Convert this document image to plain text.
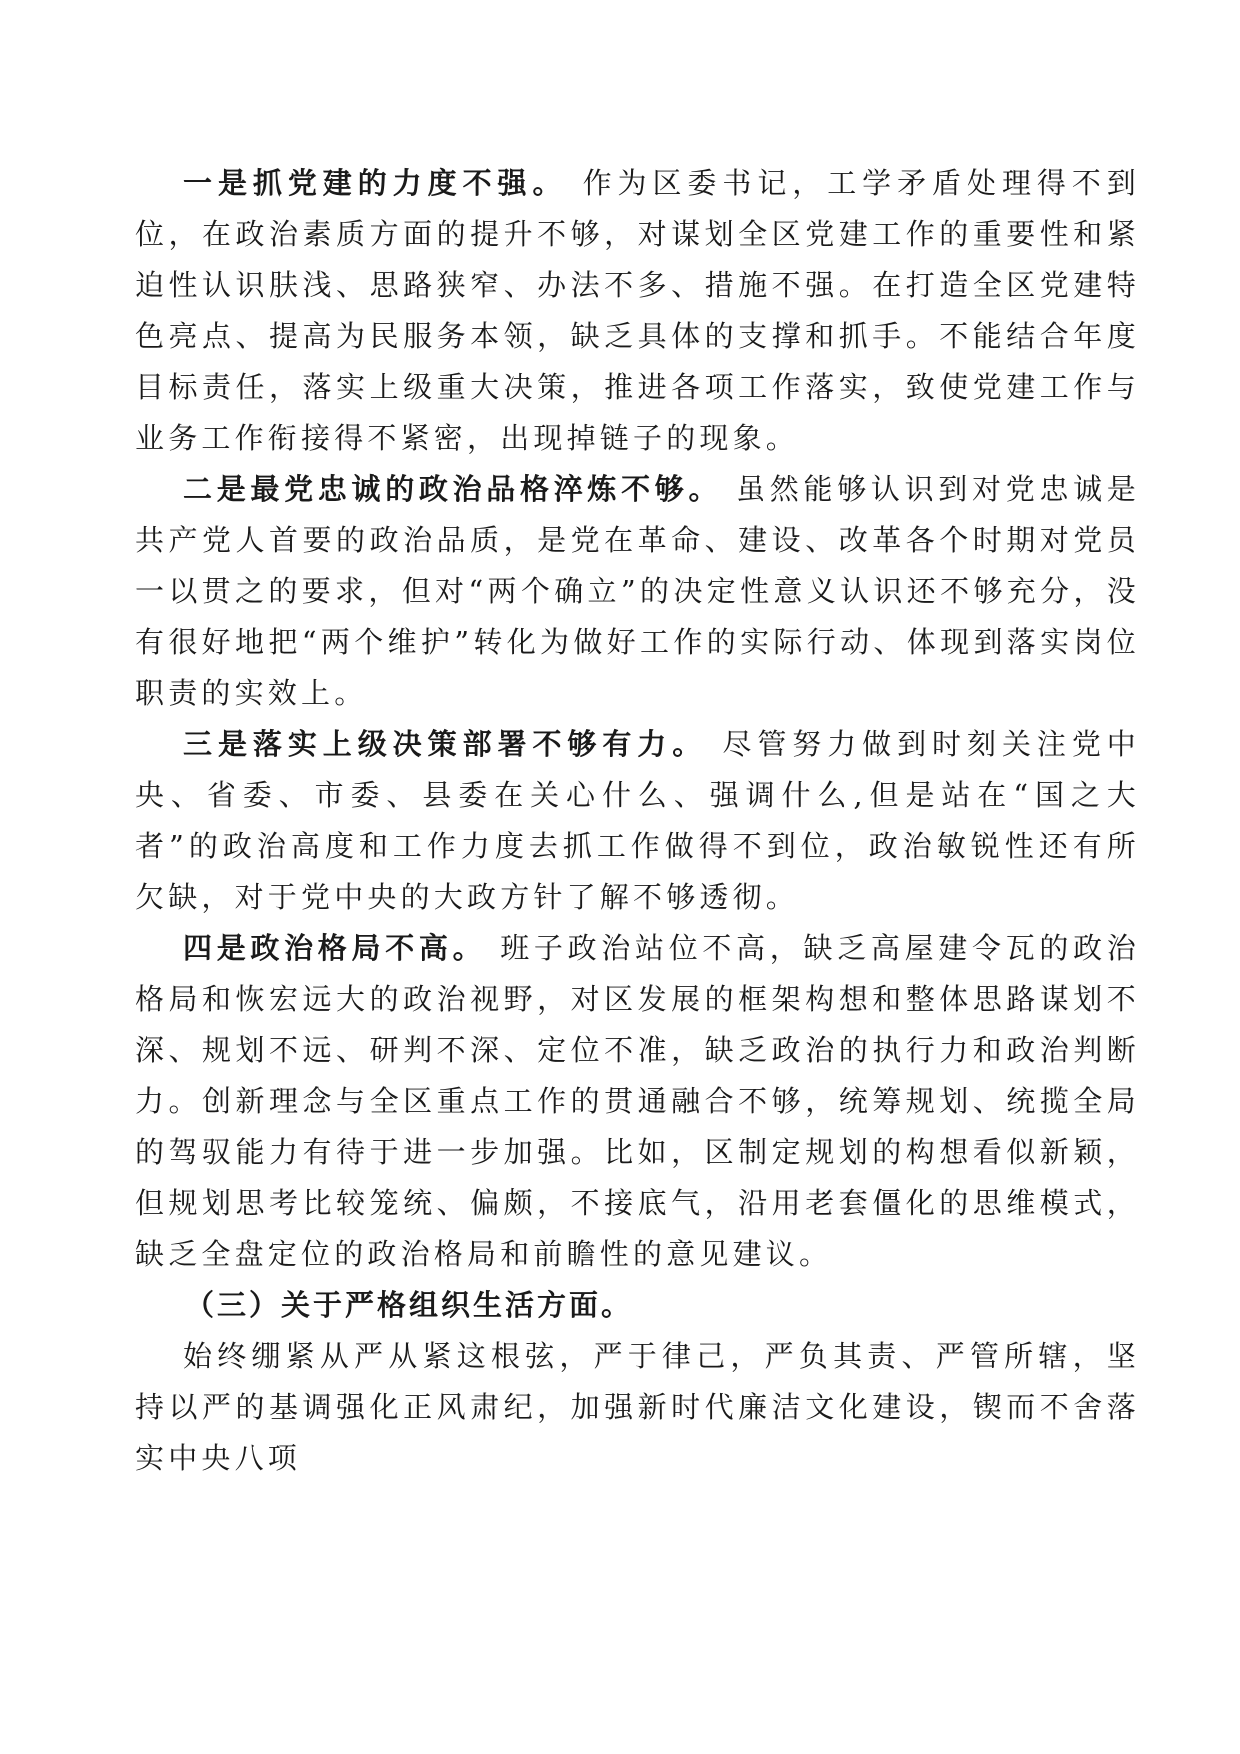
一是抓党建的力度不强。 作为区委书记，工学矛盾处理得不到位，在政治素质方面的提升不够，对谋划全区党建工作的重要性和紧迫性认识肤浅、思路狭窄、办法不多、措施不强。在打造全区党建特色亮点、提高为民服务本领，缺乏具体的支撑和抓手。不能结合年度目标责任，落实上级重大决策，推进各项工作落实，致使党建工作与业务工作衔接得不紧密，出现掉链子的现象。

二是最党忠诚的政治品格淬炼不够。 虽然能够认识到对党忠诚是共产党人首要的政治品质，是党在革命、建设、改革各个时期对党员一以贯之的要求，但对“两个确立”的决定性意义认识还不够充分，没有很好地把“两个维护”转化为做好工作的实际行动、体现到落实岗位职责的实效上。

三是落实上级决策部署不够有力。 尽管努力做到时刻关注党中央、省委、市委、县委在关心什么、强调什么,但是站在“国之大者”的政治高度和工作力度去抓工作做得不到位，政治敏锐性还有所欠缺，对于党中央的大政方针了解不够透彻。

四是政治格局不高。 班子政治站位不高，缺乏高屋建令瓦的政治格局和恢宏远大的政治视野，对区发展的框架构想和整体思路谋划不深、规划不远、研判不深、定位不准，缺乏政治的执行力和政治判断力。创新理念与全区重点工作的贯通融合不够，统筹规划、统揽全局的驾驭能力有待于进一步加强。比如，区制定规划的构想看似新颖，但规划思考比较笼统、偏颇，不接底气，沿用老套僵化的思维模式，缺乏全盘定位的政治格局和前瞻性的意见建议。

（三）关于严格组织生活方面。

始终绷紧从严从紧这根弦，严于律己，严负其责、严管所辖，坚持以严的基调强化正风肃纪，加强新时代廉洁文化建设，锲而不舍落实中央八项
